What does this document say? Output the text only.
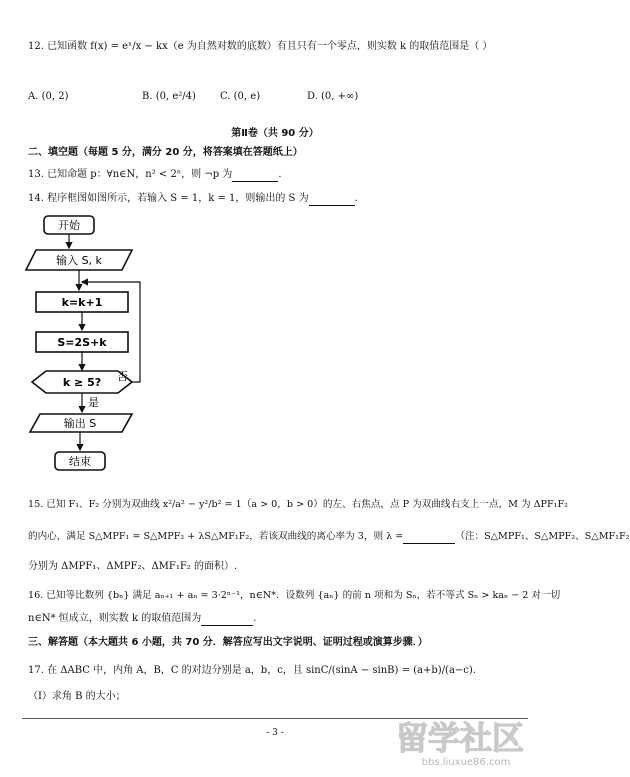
12. 已知函数 f(x) = eˣ/x − kx（e 为自然对数的底数）有且只有一个零点，则实数 k 的取值范围是（ ）
A. (0, 2)	B. (0, e²/4) C. (0, e)	D. (0, +∞)
第Ⅱ卷（共 90 分）
二、填空题（每题 5 分，满分 20 分，将答案填在答题纸上）
13. 已知命题 p：∀n∈N，n² < 2ⁿ，则 ¬p 为	.
14. 程序框图如图所示，若输入 S = 1，k = 1，则输出的 S 为	.
开始
输入 S, k
k=k+1
S=2S+k
k ≥ 5? 否
是
输出 S
结束
15. 已知 F₁、F₂ 分别为双曲线 x²/a² − y²/b² = 1（a > 0，b > 0）的左、右焦点，点 P 为双曲线右支上一点，M 为 ΔPF₁F₂
的内心，满足 S△MPF₁ = S△MPF₂ + λS△MF₁F₂，若该双曲线的离心率为 3，则 λ =	（注：S△MPF₁、S△MPF₂、S△MF₁F₂
分别为 ΔMPF₁、ΔMPF₂、ΔMF₁F₂ 的面积）.
16. 已知等比数列 {bₙ} 满足 aₙ₊₁ + aₙ = 3·2ⁿ⁻¹，n∈N*．设数列 {aₙ} 的前 n 项和为 Sₙ，若不等式 Sₙ > kaₙ − 2 对一切
n∈N* 恒成立，则实数 k 的取值范围为	.
三、解答题（本大题共 6 小题，共 70 分．解答应写出文字说明、证明过程或演算步骤．）
17. 在 ΔABC 中，内角 A，B，C 的对边分别是 a，b，c，且 sinC/(sinA − sinB) = (a+b)/(a−c).
（Ⅰ）求角 B 的大小；
- 3 -	留学社区
bbs.liuxue86.com
